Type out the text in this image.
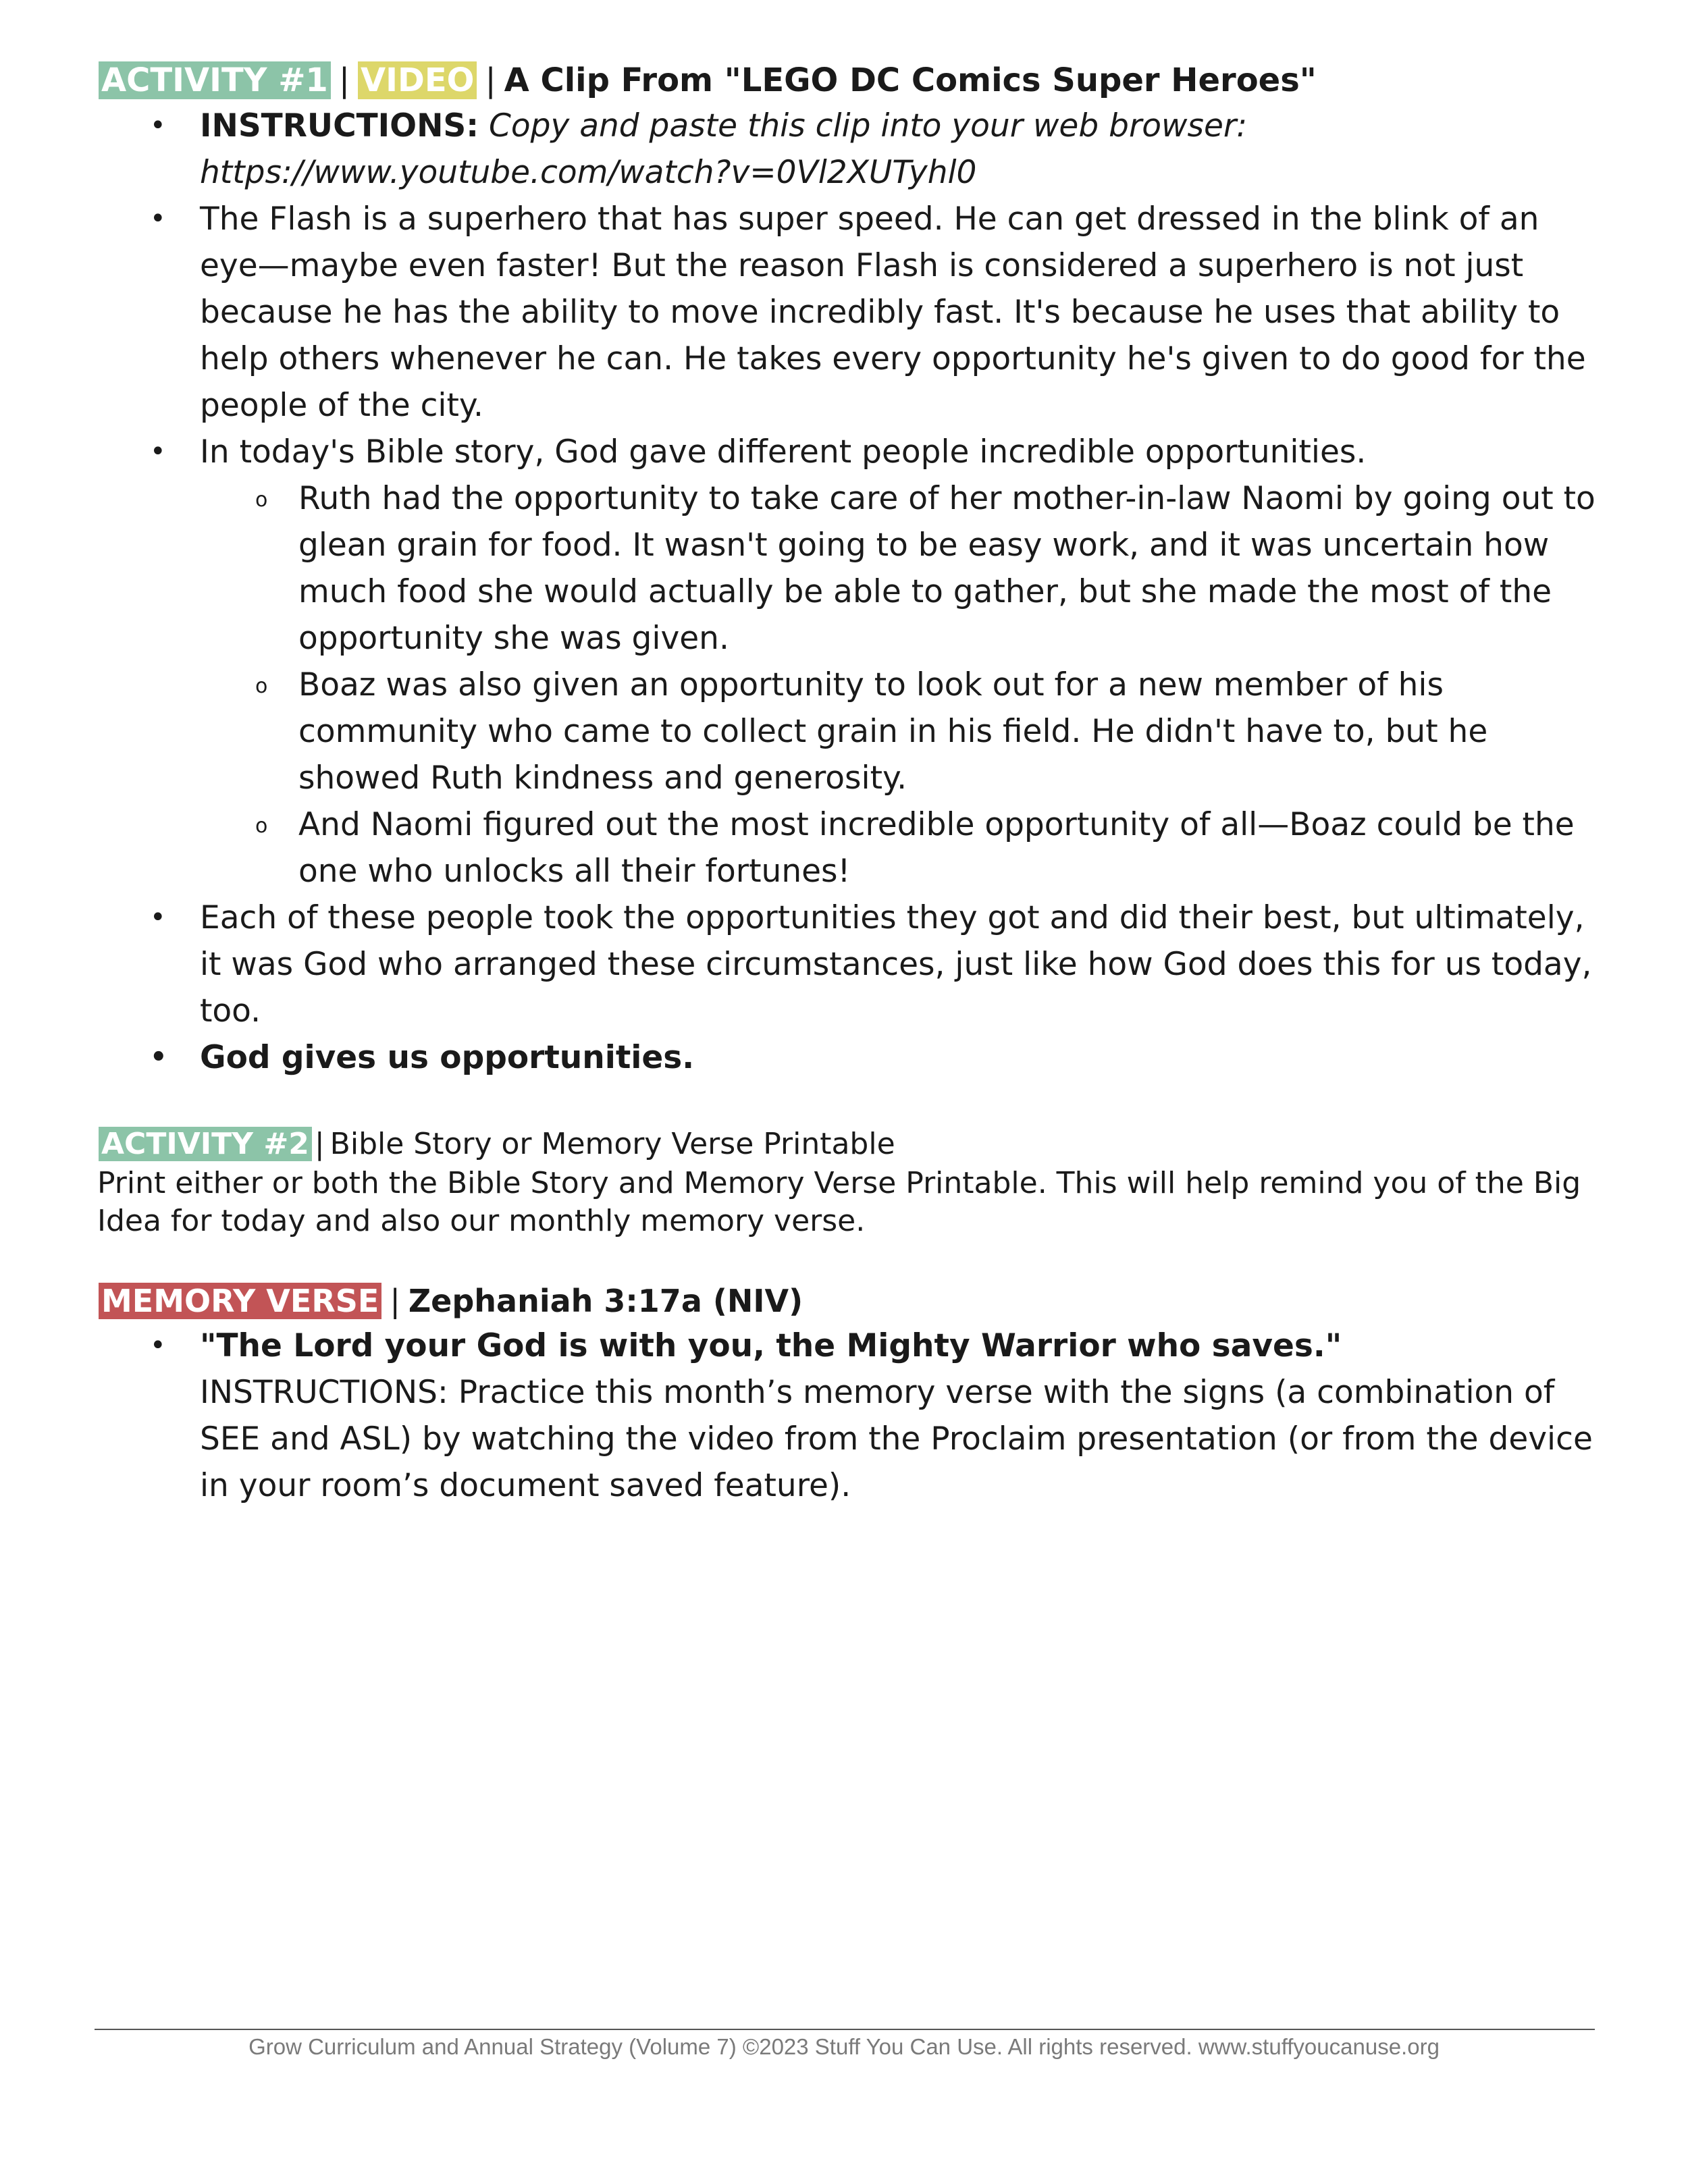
ACTIVITY #1 | VIDEO | A Clip From "LEGO DC Comics Super Heroes"
• INSTRUCTIONS: Copy and paste this clip into your web browser:
https://www.youtube.com/watch?v=0Vl2XUTyhl0
• The Flash is a superhero that has super speed. He can get dressed in the blink of an eye—maybe even faster! But the reason Flash is considered a superhero is not just because he has the ability to move incredibly fast. It's because he uses that ability to help others whenever he can. He takes every opportunity he's given to do good for the people of the city.
• In today's Bible story, God gave different people incredible opportunities.
o Ruth had the opportunity to take care of her mother-in-law Naomi by going out to glean grain for food. It wasn't going to be easy work, and it was uncertain how much food she would actually be able to gather, but she made the most of the opportunity she was given.
o Boaz was also given an opportunity to look out for a new member of his community who came to collect grain in his field. He didn't have to, but he showed Ruth kindness and generosity.
o And Naomi figured out the most incredible opportunity of all—Boaz could be the one who unlocks all their fortunes!
• Each of these people took the opportunities they got and did their best, but ultimately, it was God who arranged these circumstances, just like how God does this for us today, too.
• God gives us opportunities.
ACTIVITY #2 | Bible Story or Memory Verse Printable
Print either or both the Bible Story and Memory Verse Printable. This will help remind you of the Big Idea for today and also our monthly memory verse.
MEMORY VERSE | Zephaniah 3:17a (NIV)
• "The Lord your God is with you, the Mighty Warrior who saves." INSTRUCTIONS: Practice this month’s memory verse with the signs (a combination of SEE and ASL) by watching the video from the Proclaim presentation (or from the device in your room’s document saved feature).
Grow Curriculum and Annual Strategy (Volume 7) ©2023 Stuff You Can Use. All rights reserved. www.stuffyoucanuse.org
